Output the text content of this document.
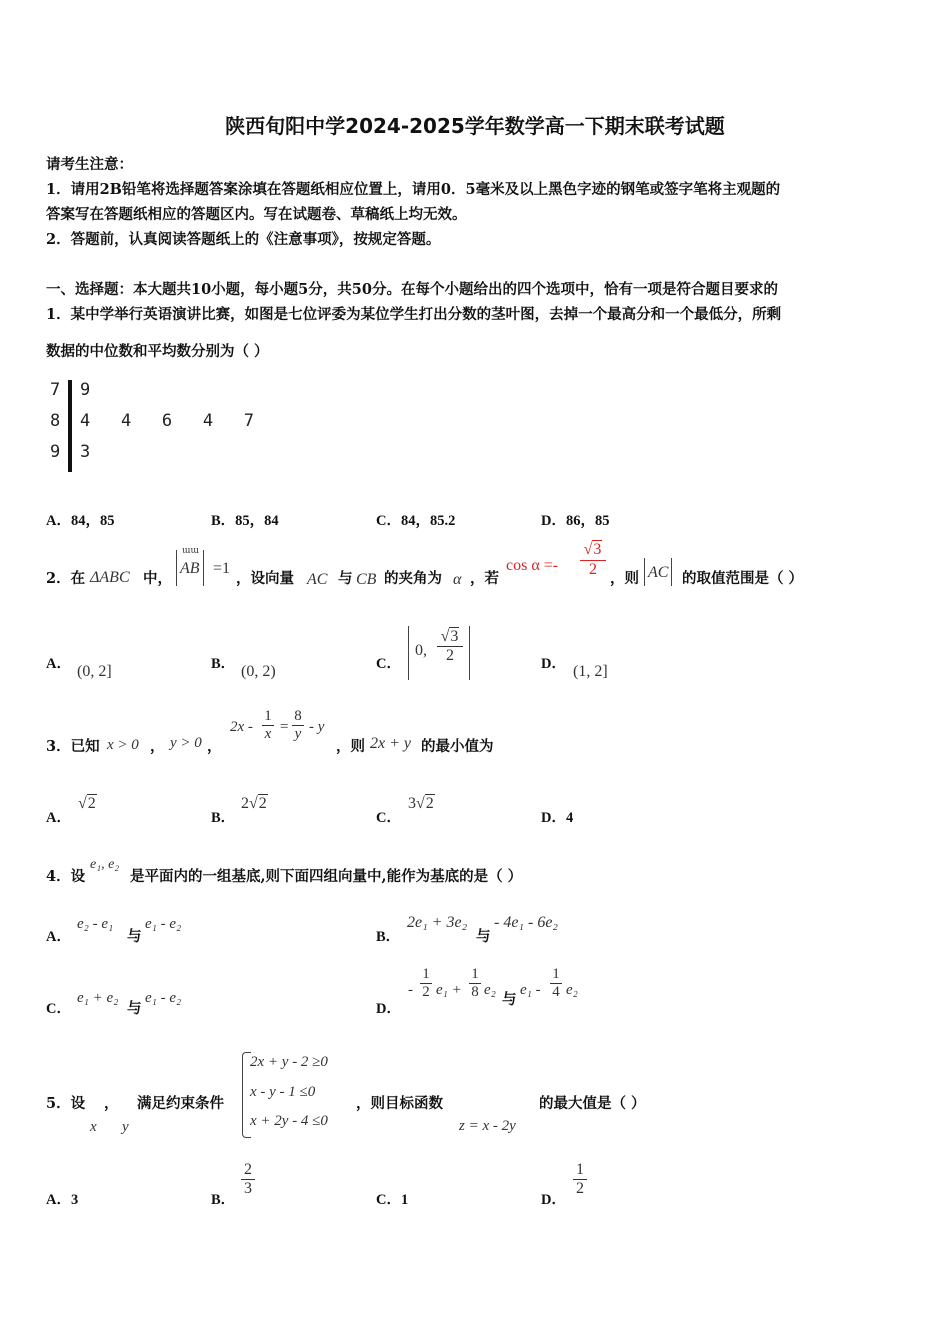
陕西旬阳中学2024-2025学年数学高一下期末联考试题
请考生注意：
1．请用2B铅笔将选择题答案涂填在答题纸相应位置上，请用0．5毫米及以上黑色字迹的钢笔或签字笔将主观题的
答案写在答题纸相应的答题区内。写在试题卷、草稿纸上均无效。
2．答题前，认真阅读答题纸上的《注意事项》，按规定答题。
一、选择题：本大题共10小题，每小题5分，共50分。在每个小题给出的四个选项中，恰有一项是符合题目要求的
1．某中学举行英语演讲比赛，如图是七位评委为某位学生打出分数的茎叶图，去掉一个最高分和一个最低分，所剩
数据的中位数和平均数分别为（ ）
7 9
8 4   4   6   4   7
9 3
A．84，85	B．85，84	C．84，85.2	D．86，85
2．在 ΔABC 中，
ɯɯ
AB =1
，设向量 AC 与 CB 的夹角为 α ，若
cos α =-
√3
2
，则 AC 的取值范围是（ ）
A． (0, 2]	B． (0, 2)	C．
0,
√3
2	D． (1, 2]
3．已知 x > 0 ， y > 0 ，
2x -
1
x =
8
y - y
，则 2x + y 的最小值为
A．
√2
B．
2√2
C．
3√2
D．4
4．设
e₁, e₂
是平面内的一组基底,则下面四组向量中,能作为基底的是（ ）
A．
e₂ - e₁
与
e₁ - e₂
B．
2e₁ + 3e₂
与
- 4e₁ - 6e₂
C．
e₁ + e₂
与
e₁ - e₂
D．
-
1
2 e₁ +
1
8 e₂
与
e₁ -
1
4 e₂
5．设 ，
x y
满足约束条件
2x + y - 2 ≥0
x - y - 1 ≤0
x + 2y - 4 ≤0
，则目标函数
z = x - 2y
的最大值是（ ）
A．3	B．
2
3
C．1	D．
1
2
